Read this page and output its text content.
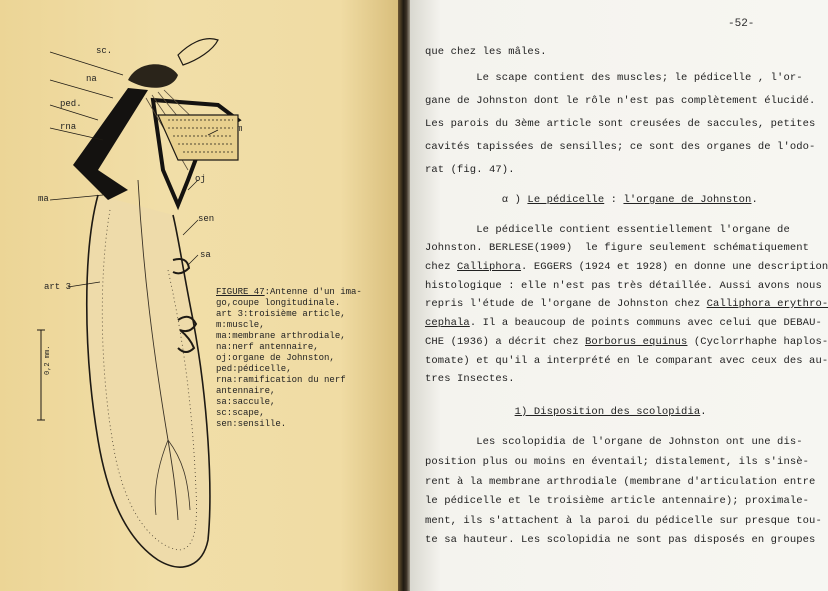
sc.
na
ped.
rna	m
oj
ma
sen
sa
art 3
0,2 mm.
FIGURE 47:Antenne d'un ima-
go,coupe longitudinale.
art 3:troisième article,
m:muscle,
ma:membrane arthrodiale,
na:nerf antennaire,
oj:organe de Johnston,
ped:pédicelle,
rna:ramification du nerf
antennaire,
sa:saccule,
sc:scape,
sen:sensille.
-52-
que chez les mâles.
Le scape contient des muscles; le pédicelle , l'or-
gane de Johnston dont le rôle n'est pas complètement élucidé.
Les parois du 3ème article sont creusées de saccules, petites
cavités tapissées de sensilles; ce sont des organes de l'odo-
rat (fig. 47).
α ) Le pédicelle : l'organe de Johnston.
Le pédicelle contient essentiellement l'organe de
Johnston. BERLESE(1909)  le figure seulement schématiquement
chez Calliphora. EGGERS (1924 et 1928) en donne une description
histologique : elle n'est pas très détaillée. Aussi avons nous
repris l'étude de l'organe de Johnston chez Calliphora erythro-
cephala. Il a beaucoup de points communs avec celui que DEBAU-
CHE (1936) a décrit chez Borborus equinus (Cyclorrhaphe haplos-
tomate) et qu'il a interprété en le comparant avec ceux des au-
tres Insectes.
1) Disposition des scolopidia.
Les scolopidia de l'organe de Johnston ont une dis-
position plus ou moins en éventail; distalement, ils s'insè-
rent à la membrane arthrodiale (membrane d'articulation entre
le pédicelle et le troisième article antennaire); proximale-
ment, ils s'attachent à la paroi du pédicelle sur presque tou-
te sa hauteur. Les scolopidia ne sont pas disposés en groupes
